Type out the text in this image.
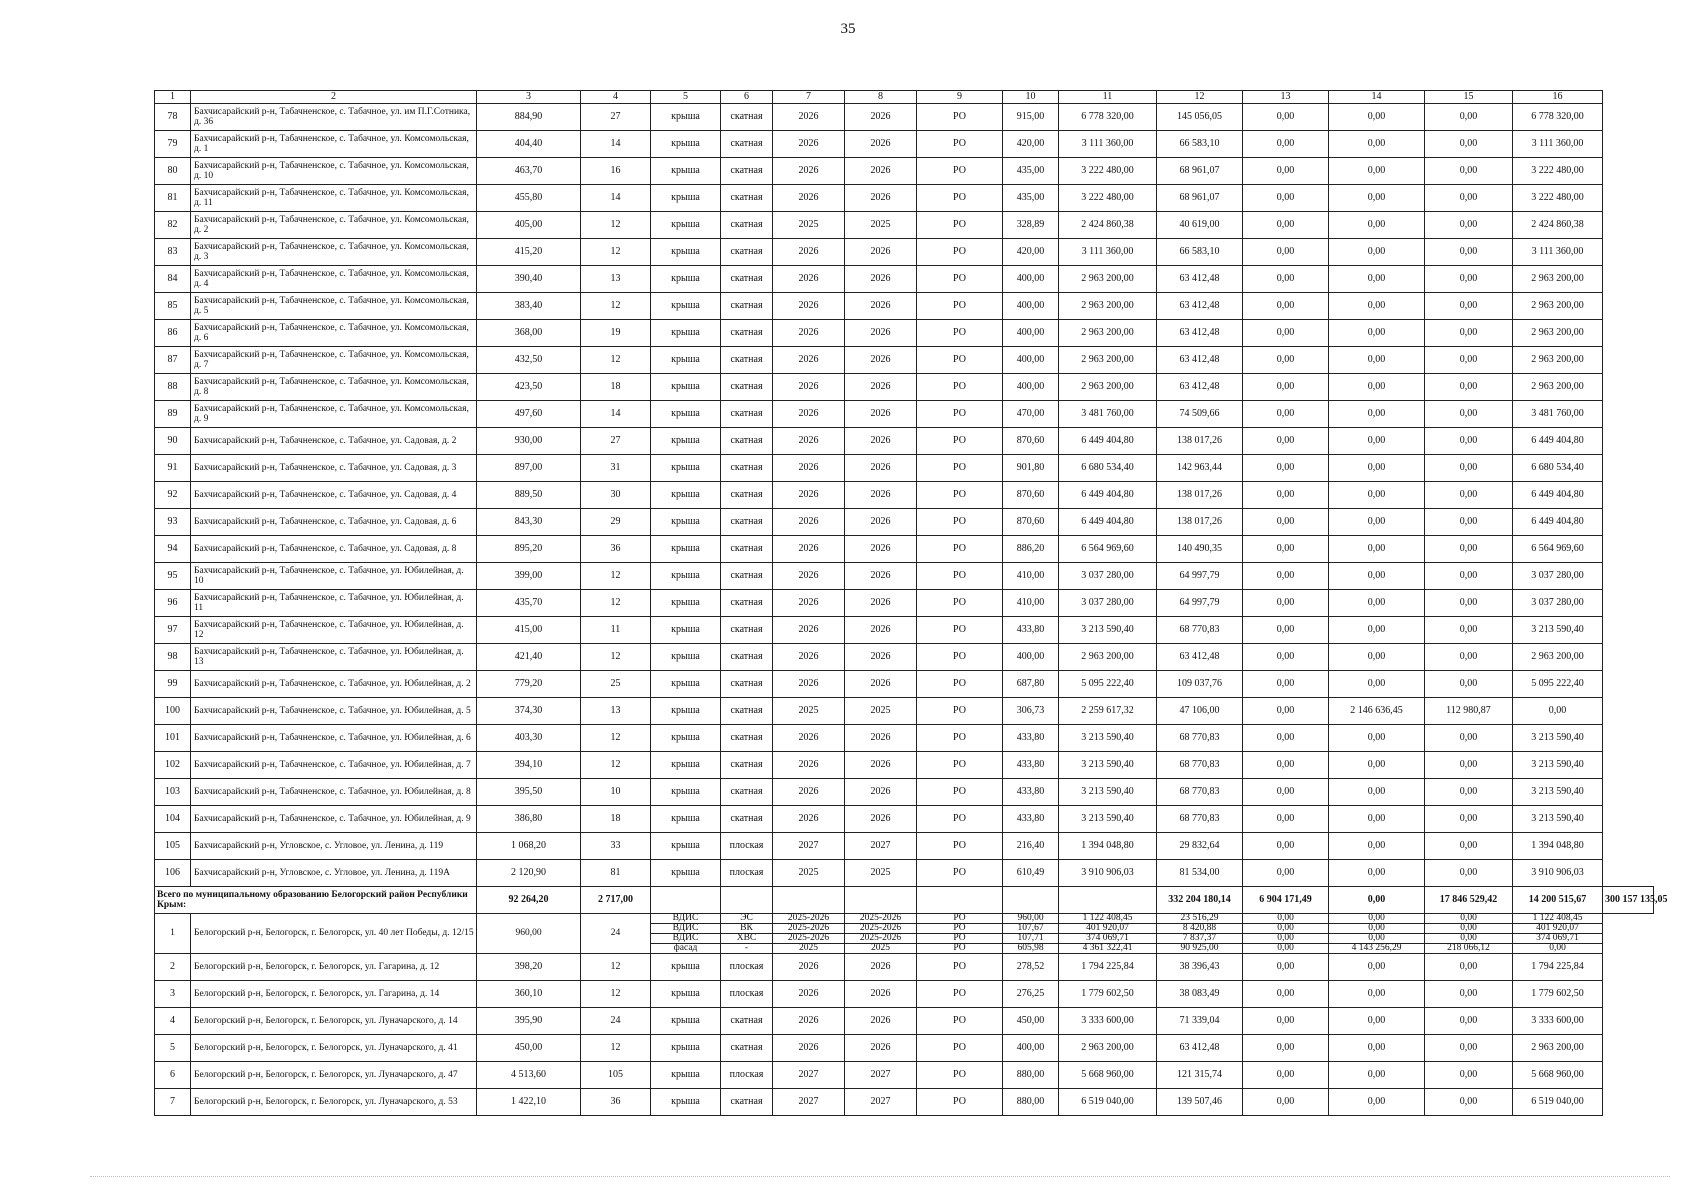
35
1	2	3	4	5	6	7	8	9	10	11	12	13	14	15	16	
78	Бахчисарайский р-н, Табачненское, с. Табачное, ул. им П.Г.Сотника, д. 36	884,90	27	крыша	скатная	2026	2026	РО	915,00	6 778 320,00	145 056,05	0,00	0,00	0,00	6 778 320,00	
79	Бахчисарайский р-н, Табачненское, с. Табачное, ул. Комсомольская, д. 1	404,40	14	крыша	скатная	2026	2026	РО	420,00	3 111 360,00	66 583,10	0,00	0,00	0,00	3 111 360,00	
80	Бахчисарайский р-н, Табачненское, с. Табачное, ул. Комсомольская, д. 10	463,70	16	крыша	скатная	2026	2026	РО	435,00	3 222 480,00	68 961,07	0,00	0,00	0,00	3 222 480,00	
81	Бахчисарайский р-н, Табачненское, с. Табачное, ул. Комсомольская, д. 11	455,80	14	крыша	скатная	2026	2026	РО	435,00	3 222 480,00	68 961,07	0,00	0,00	0,00	3 222 480,00	
82	Бахчисарайский р-н, Табачненское, с. Табачное, ул. Комсомольская, д. 2	405,00	12	крыша	скатная	2025	2025	РО	328,89	2 424 860,38	40 619,00	0,00	0,00	0,00	2 424 860,38	
83	Бахчисарайский р-н, Табачненское, с. Табачное, ул. Комсомольская, д. 3	415,20	12	крыша	скатная	2026	2026	РО	420,00	3 111 360,00	66 583,10	0,00	0,00	0,00	3 111 360,00	
84	Бахчисарайский р-н, Табачненское, с. Табачное, ул. Комсомольская, д. 4	390,40	13	крыша	скатная	2026	2026	РО	400,00	2 963 200,00	63 412,48	0,00	0,00	0,00	2 963 200,00	
85	Бахчисарайский р-н, Табачненское, с. Табачное, ул. Комсомольская, д. 5	383,40	12	крыша	скатная	2026	2026	РО	400,00	2 963 200,00	63 412,48	0,00	0,00	0,00	2 963 200,00	
86	Бахчисарайский р-н, Табачненское, с. Табачное, ул. Комсомольская, д. 6	368,00	19	крыша	скатная	2026	2026	РО	400,00	2 963 200,00	63 412,48	0,00	0,00	0,00	2 963 200,00	
87	Бахчисарайский р-н, Табачненское, с. Табачное, ул. Комсомольская, д. 7	432,50	12	крыша	скатная	2026	2026	РО	400,00	2 963 200,00	63 412,48	0,00	0,00	0,00	2 963 200,00	
88	Бахчисарайский р-н, Табачненское, с. Табачное, ул. Комсомольская, д. 8	423,50	18	крыша	скатная	2026	2026	РО	400,00	2 963 200,00	63 412,48	0,00	0,00	0,00	2 963 200,00	
89	Бахчисарайский р-н, Табачненское, с. Табачное, ул. Комсомольская, д. 9	497,60	14	крыша	скатная	2026	2026	РО	470,00	3 481 760,00	74 509,66	0,00	0,00	0,00	3 481 760,00	
90	Бахчисарайский р-н, Табачненское, с. Табачное, ул. Садовая, д. 2	930,00	27	крыша	скатная	2026	2026	РО	870,60	6 449 404,80	138 017,26	0,00	0,00	0,00	6 449 404,80	
91	Бахчисарайский р-н, Табачненское, с. Табачное, ул. Садовая, д. 3	897,00	31	крыша	скатная	2026	2026	РО	901,80	6 680 534,40	142 963,44	0,00	0,00	0,00	6 680 534,40	
92	Бахчисарайский р-н, Табачненское, с. Табачное, ул. Садовая, д. 4	889,50	30	крыша	скатная	2026	2026	РО	870,60	6 449 404,80	138 017,26	0,00	0,00	0,00	6 449 404,80	
93	Бахчисарайский р-н, Табачненское, с. Табачное, ул. Садовая, д. 6	843,30	29	крыша	скатная	2026	2026	РО	870,60	6 449 404,80	138 017,26	0,00	0,00	0,00	6 449 404,80	
94	Бахчисарайский р-н, Табачненское, с. Табачное, ул. Садовая, д. 8	895,20	36	крыша	скатная	2026	2026	РО	886,20	6 564 969,60	140 490,35	0,00	0,00	0,00	6 564 969,60	
95	Бахчисарайский р-н, Табачненское, с. Табачное, ул. Юбилейная, д. 10	399,00	12	крыша	скатная	2026	2026	РО	410,00	3 037 280,00	64 997,79	0,00	0,00	0,00	3 037 280,00	
96	Бахчисарайский р-н, Табачненское, с. Табачное, ул. Юбилейная, д. 11	435,70	12	крыша	скатная	2026	2026	РО	410,00	3 037 280,00	64 997,79	0,00	0,00	0,00	3 037 280,00	
97	Бахчисарайский р-н, Табачненское, с. Табачное, ул. Юбилейная, д. 12	415,00	11	крыша	скатная	2026	2026	РО	433,80	3 213 590,40	68 770,83	0,00	0,00	0,00	3 213 590,40	
98	Бахчисарайский р-н, Табачненское, с. Табачное, ул. Юбилейная, д. 13	421,40	12	крыша	скатная	2026	2026	РО	400,00	2 963 200,00	63 412,48	0,00	0,00	0,00	2 963 200,00	
99	Бахчисарайский р-н, Табачненское, с. Табачное, ул. Юбилейная, д. 2	779,20	25	крыша	скатная	2026	2026	РО	687,80	5 095 222,40	109 037,76	0,00	0,00	0,00	5 095 222,40	
100	Бахчисарайский р-н, Табачненское, с. Табачное, ул. Юбилейная, д. 5	374,30	13	крыша	скатная	2025	2025	РО	306,73	2 259 617,32	47 106,00	0,00	2 146 636,45	112 980,87	0,00	
101	Бахчисарайский р-н, Табачненское, с. Табачное, ул. Юбилейная, д. 6	403,30	12	крыша	скатная	2026	2026	РО	433,80	3 213 590,40	68 770,83	0,00	0,00	0,00	3 213 590,40	
102	Бахчисарайский р-н, Табачненское, с. Табачное, ул. Юбилейная, д. 7	394,10	12	крыша	скатная	2026	2026	РО	433,80	3 213 590,40	68 770,83	0,00	0,00	0,00	3 213 590,40	
103	Бахчисарайский р-н, Табачненское, с. Табачное, ул. Юбилейная, д. 8	395,50	10	крыша	скатная	2026	2026	РО	433,80	3 213 590,40	68 770,83	0,00	0,00	0,00	3 213 590,40	
104	Бахчисарайский р-н, Табачненское, с. Табачное, ул. Юбилейная, д. 9	386,80	18	крыша	скатная	2026	2026	РО	433,80	3 213 590,40	68 770,83	0,00	0,00	0,00	3 213 590,40	
105	Бахчисарайский р-н, Угловское, с. Угловое, ул. Ленина, д. 119	1 068,20	33	крыша	плоская	2027	2027	РО	216,40	1 394 048,80	29 832,64	0,00	0,00	0,00	1 394 048,80	
106	Бахчисарайский р-н, Угловское, с. Угловое, ул. Ленина, д. 119А	2 120,90	81	крыша	плоская	2025	2025	РО	610,49	3 910 906,03	81 534,00	0,00	0,00	0,00	3 910 906,03	
Всего по муниципальному образованию Белогорский район Республики Крым:		92 264,20	2 717,00								332 204 180,14	6 904 171,49	0,00	17 846 529,42	14 200 515,67	300 157 135,05
1	Белогорский р-н, Белогорск, г. Белогорск, ул. 40 лет Победы, д. 12/15	960,00	24	ВДИС	ЭС	2025-2026	2025-2026	РО	960,00	1 122 408,45	23 516,29	0,00	0,00	0,00	1 122 408,45	
				ВДИС	ВК	2025-2026	2025-2026	РО	107,67	401 920,07	8 420,88	0,00	0,00	0,00	401 920,07	
				ВДИС	ХВС	2025-2026	2025-2026	РО	107,71	374 069,71	7 837,37	0,00	0,00	0,00	374 069,71	
				фасад	-	2025	2025	РО	605,98	4 361 322,41	90 925,00	0,00	4 143 256,29	218 066,12	0,00	
2	Белогорский р-н, Белогорск, г. Белогорск, ул. Гагарина, д. 12	398,20	12	крыша	плоская	2026	2026	РО	278,52	1 794 225,84	38 396,43	0,00	0,00	0,00	1 794 225,84	
3	Белогорский р-н, Белогорск, г. Белогорск, ул. Гагарина, д. 14	360,10	12	крыша	плоская	2026	2026	РО	276,25	1 779 602,50	38 083,49	0,00	0,00	0,00	1 779 602,50	
4	Белогорский р-н, Белогорск, г. Белогорск, ул. Луначарского, д. 14	395,90	24	крыша	скатная	2026	2026	РО	450,00	3 333 600,00	71 339,04	0,00	0,00	0,00	3 333 600,00	
5	Белогорский р-н, Белогорск, г. Белогорск, ул. Луначарского, д. 41	450,00	12	крыша	скатная	2026	2026	РО	400,00	2 963 200,00	63 412,48	0,00	0,00	0,00	2 963 200,00	
6	Белогорский р-н, Белогорск, г. Белогорск, ул. Луначарского, д. 47	4 513,60	105	крыша	плоская	2027	2027	РО	880,00	5 668 960,00	121 315,74	0,00	0,00	0,00	5 668 960,00	
7	Белогорский р-н, Белогорск, г. Белогорск, ул. Луначарского, д. 53	1 422,10	36	крыша	скатная	2027	2027	РО	880,00	6 519 040,00	139 507,46	0,00	0,00	0,00	6 519 040,00	
